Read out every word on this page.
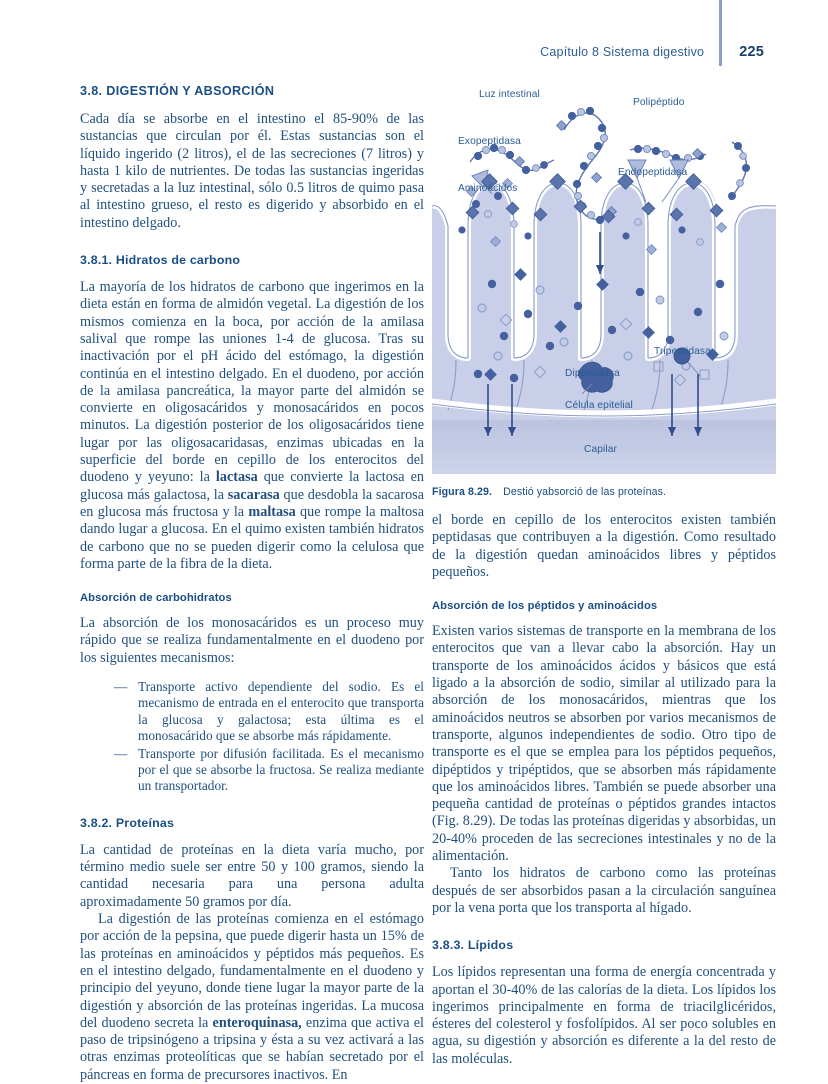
Capítulo 8 Sistema digestivo 225
3.8. DIGESTIÓN Y ABSORCIÓN

Cada día se absorbe en el intestino el 85-90% de las sustancias que circulan por él. Estas sustancias son el líquido ingerido (2 litros), el de las secreciones (7 litros) y hasta 1 kilo de nutrientes. De todas las sustancias ingeridas y secretadas a la luz intestinal, sólo 0.5 litros de quimo pasa al intestino grueso, el resto es digerido y absorbido en el intestino delgado.

3.8.1. Hidratos de carbono

La mayoría de los hidratos de carbono que ingerimos en la dieta están en forma de almidón vegetal. La digestión de los mismos comienza en la boca, por acción de la amilasa salival que rompe las uniones 1-4 de glucosa. Tras su inactivación por el pH ácido del estómago, la digestión continúa en el intestino delgado. En el duodeno, por acción de la amilasa pancreática, la mayor parte del almidón se convierte en oligosacáridos y monosacáridos en pocos minutos. La digestión posterior de los oligosacáridos tiene lugar por las oligosacaridasas, enzimas ubicadas en la superficie del borde en cepillo de los enterocitos del duodeno y yeyuno: la lactasa que convierte la lactosa en glucosa más galactosa, la sacarasa que desdobla la sacarosa en glucosa más fructosa y la maltasa que rompe la maltosa dando lugar a glucosa. En el quimo existen también hidratos de carbono que no se pueden digerir como la celulosa que forma parte de la fibra de la dieta.

Absorción de carbohidratos

La absorción de los monosacáridos es un proceso muy rápido que se realiza fundamentalmente en el duodeno por los siguientes mecanismos:

— Transporte activo dependiente del sodio. Es el mecanismo de entrada en el enterocito que transporta la glucosa y galactosa; esta última es el monosacárido que se absorbe más rápidamente.
— Transporte por difusión facilitada. Es el mecanismo por el que se absorbe la fructosa. Se realiza mediante un transportador.
3.8.2. Proteínas

La cantidad de proteínas en la dieta varía mucho, por término medio suele ser entre 50 y 100 gramos, siendo la cantidad necesaria para una persona adulta aproximadamente 50 gramos por día.

La digestión de las proteínas comienza en el estómago por acción de la pepsina, que puede digerir hasta un 15% de las proteínas en aminoácidos y péptidos más pequeños. Es en el intestino delgado, fundamentalmente en el duodeno y principio del yeyuno, donde tiene lugar la mayor parte de la digestión y absorción de las proteínas ingeridas. La mucosa del duodeno secreta la enteroquinasa, enzima que activa el paso de tripsinógeno a tripsina y ésta a su vez activará a las otras enzimas proteolíticas que se habían secretado por el páncreas en forma de precursores inactivos. En

Luz intestinal
Polipéptido
Exopeptidasa
Endopeptidasa
Aminoácidos
Tripeptidasa
Dipeptidasa
Célula epitelial
Capilar
Figura 8.29. Destió yabsorció de las proteínas.

el borde en cepillo de los enterocitos existen también peptidasas que contribuyen a la digestión. Como resultado de la digestión quedan aminoácidos libres y péptidos pequeños.

Absorción de los péptidos y aminoácidos

Existen varios sistemas de transporte en la membrana de los enterocitos que van a llevar cabo la absorción. Hay un transporte de los aminoácidos ácidos y básicos que está ligado a la absorción de sodio, similar al utilizado para la absorción de los monosacáridos, mientras que los aminoácidos neutros se absorben por varios mecanismos de transporte, algunos independientes de sodio. Otro tipo de transporte es el que se emplea para los péptidos pequeños, dipéptidos y tripéptidos, que se absorben más rápidamente que los aminoácidos libres. También se puede absorber una pequeña cantidad de proteínas o péptidos grandes intactos (Fig. 8.29). De todas las proteínas digeridas y absorbidas, un 20-40% proceden de las secreciones intestinales y no de la alimentación.

Tanto los hidratos de carbono como las proteínas después de ser absorbidos pasan a la circulación sanguínea por la vena porta que los transporta al hígado.

3.8.3. Lípidos

Los lípidos representan una forma de energía concentrada y aportan el 30-40% de las calorías de la dieta. Los lípidos los ingerimos principalmente en forma de triacilglicéridos, ésteres del colesterol y fosfolípidos. Al ser poco solubles en agua, su digestión y absorción es diferente a la del resto de las moléculas.
